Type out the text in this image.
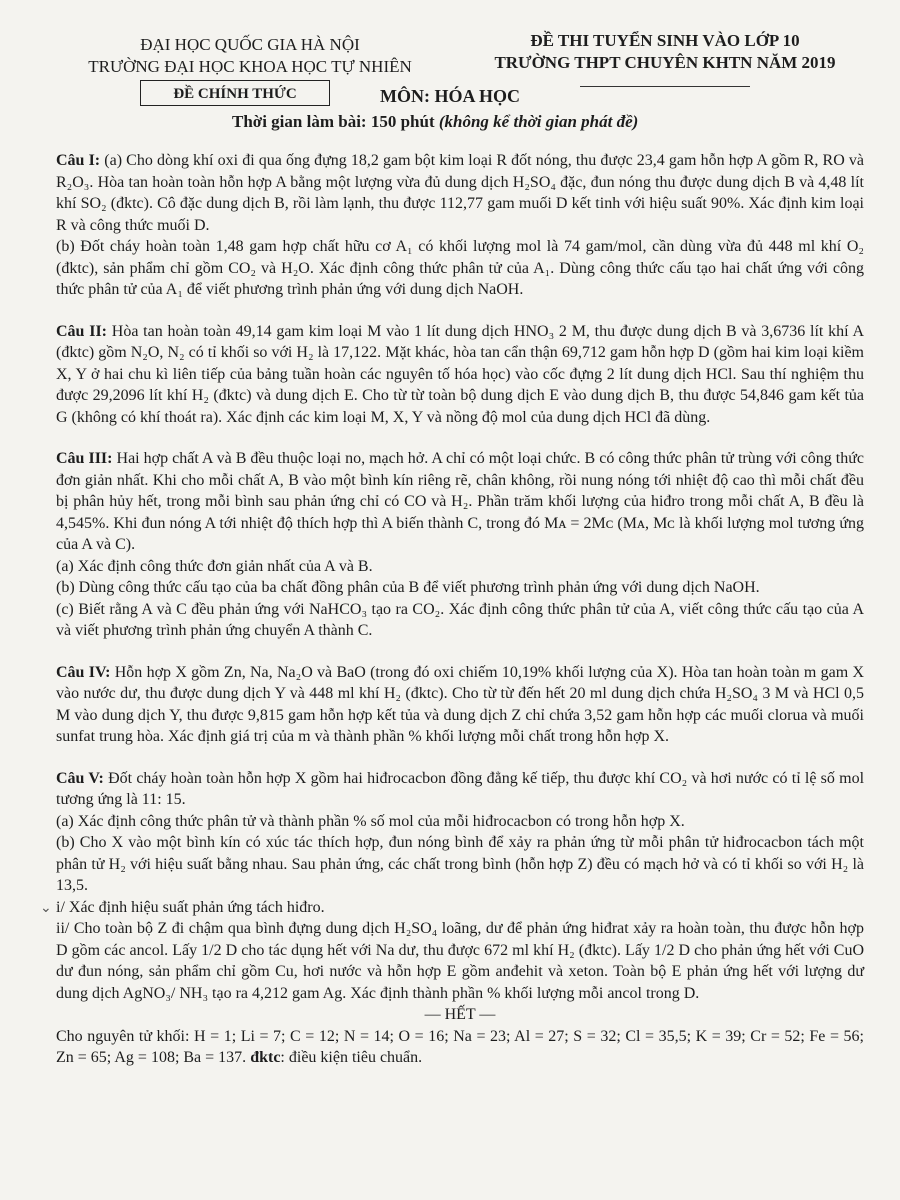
ĐẠI HỌC QUỐC GIA HÀ NỘI
TRƯỜNG ĐẠI HỌC KHOA HỌC TỰ NHIÊN
ĐỀ THI TUYỂN SINH VÀO LỚP 10
TRƯỜNG THPT CHUYÊN KHTN NĂM 2019
ĐỀ CHÍNH THỨC	MÔN: HÓA HỌC
Thời gian làm bài: 150 phút (không kể thời gian phát đề)

Câu I: (a) Cho dòng khí oxi đi qua ống đựng 18,2 gam bột kim loại R đốt nóng, thu được 23,4 gam hỗn hợp A gồm R, RO và R₂O₃. Hòa tan hoàn toàn hỗn hợp A bằng một lượng vừa đủ dung dịch H₂SO₄ đặc, đun nóng thu được dung dịch B và 4,48 lít khí SO₂ (đktc). Cô đặc dung dịch B, rồi làm lạnh, thu được 112,77 gam muối D kết tinh với hiệu suất 90%. Xác định kim loại R và công thức muối D.

(b) Đốt cháy hoàn toàn 1,48 gam hợp chất hữu cơ A₁ có khối lượng mol là 74 gam/mol, cần dùng vừa đủ 448 ml khí O₂ (đktc), sản phẩm chỉ gồm CO₂ và H₂O. Xác định công thức phân tử của A₁. Dùng công thức cấu tạo hai chất ứng với công thức phân tử của A₁ để viết phương trình phản ứng với dung dịch NaOH.

Câu II: Hòa tan hoàn toàn 49,14 gam kim loại M vào 1 lít dung dịch HNO₃ 2 M, thu được dung dịch B và 3,6736 lít khí A (đktc) gồm N₂O, N₂ có tỉ khối so với H₂ là 17,122. Mặt khác, hòa tan cẩn thận 69,712 gam hỗn hợp D (gồm hai kim loại kiềm X, Y ở hai chu kì liên tiếp của bảng tuần hoàn các nguyên tố hóa học) vào cốc đựng 2 lít dung dịch HCl. Sau thí nghiệm thu được 29,2096 lít khí H₂ (đktc) và dung dịch E. Cho từ từ toàn bộ dung dịch E vào dung dịch B, thu được 54,846 gam kết tủa G (không có khí thoát ra). Xác định các kim loại M, X, Y và nồng độ mol của dung dịch HCl đã dùng.

Câu III: Hai hợp chất A và B đều thuộc loại no, mạch hở. A chỉ có một loại chức. B có công thức phân tử trùng với công thức đơn giản nhất. Khi cho mỗi chất A, B vào một bình kín riêng rẽ, chân không, rồi nung nóng tới nhiệt độ cao thì mỗi chất đều bị phân hủy hết, trong mỗi bình sau phản ứng chỉ có CO và H₂. Phần trăm khối lượng của hiđro trong mỗi chất A, B đều là 4,545%. Khi đun nóng A tới nhiệt độ thích hợp thì A biến thành C, trong đó Mᴀ = 2Mᴄ (Mᴀ, Mᴄ là khối lượng mol tương ứng của A và C).

(a) Xác định công thức đơn giản nhất của A và B.

(b) Dùng công thức cấu tạo của ba chất đồng phân của B để viết phương trình phản ứng với dung dịch NaOH.

(c) Biết rằng A và C đều phản ứng với NaHCO₃ tạo ra CO₂. Xác định công thức phân tử của A, viết công thức cấu tạo của A và viết phương trình phản ứng chuyển A thành C.

Câu IV: Hỗn hợp X gồm Zn, Na, Na₂O và BaO (trong đó oxi chiếm 10,19% khối lượng của X). Hòa tan hoàn toàn m gam X vào nước dư, thu được dung dịch Y và 448 ml khí H₂ (đktc). Cho từ từ đến hết 20 ml dung dịch chứa H₂SO₄ 3 M và HCl 0,5 M vào dung dịch Y, thu được 9,815 gam hỗn hợp kết tủa và dung dịch Z chỉ chứa 3,52 gam hỗn hợp các muối clorua và muối sunfat trung hòa. Xác định giá trị của m và thành phần % khối lượng mỗi chất trong hỗn hợp X.

Câu V: Đốt cháy hoàn toàn hỗn hợp X gồm hai hiđrocacbon đồng đẳng kế tiếp, thu được khí CO₂ và hơi nước có tỉ lệ số mol tương ứng là 11: 15.

(a) Xác định công thức phân tử và thành phần % số mol của mỗi hiđrocacbon có trong hỗn hợp X.

(b) Cho X vào một bình kín có xúc tác thích hợp, đun nóng bình để xảy ra phản ứng từ mỗi phân tử hiđrocacbon tách một phân tử H₂ với hiệu suất bằng nhau. Sau phản ứng, các chất trong bình (hỗn hợp Z) đều có mạch hở và có tỉ khối so với H₂ là 13,5.

i/ Xác định hiệu suất phản ứng tách hiđro.

ii/ Cho toàn bộ Z đi chậm qua bình đựng dung dịch H₂SO₄ loãng, dư để phản ứng hiđrat xảy ra hoàn toàn, thu được hỗn hợp D gồm các ancol. Lấy 1/2 D cho tác dụng hết với Na dư, thu được 672 ml khí H₂ (đktc). Lấy 1/2 D cho phản ứng hết với CuO dư đun nóng, sản phẩm chỉ gồm Cu, hơi nước và hỗn hợp E gồm anđehit và xeton. Toàn bộ E phản ứng hết với lượng dư dung dịch AgNO₃/ NH₃ tạo ra 4,212 gam Ag. Xác định thành phần % khối lượng mỗi ancol trong D.

— HẾT —

Cho nguyên tử khối: H = 1; Li = 7; C = 12; N = 14; O = 16; Na = 23; Al = 27; S = 32; Cl = 35,5; K = 39; Cr = 52; Fe = 56; Zn = 65; Ag = 108; Ba = 137. đktc: điều kiện tiêu chuẩn.

⌄
